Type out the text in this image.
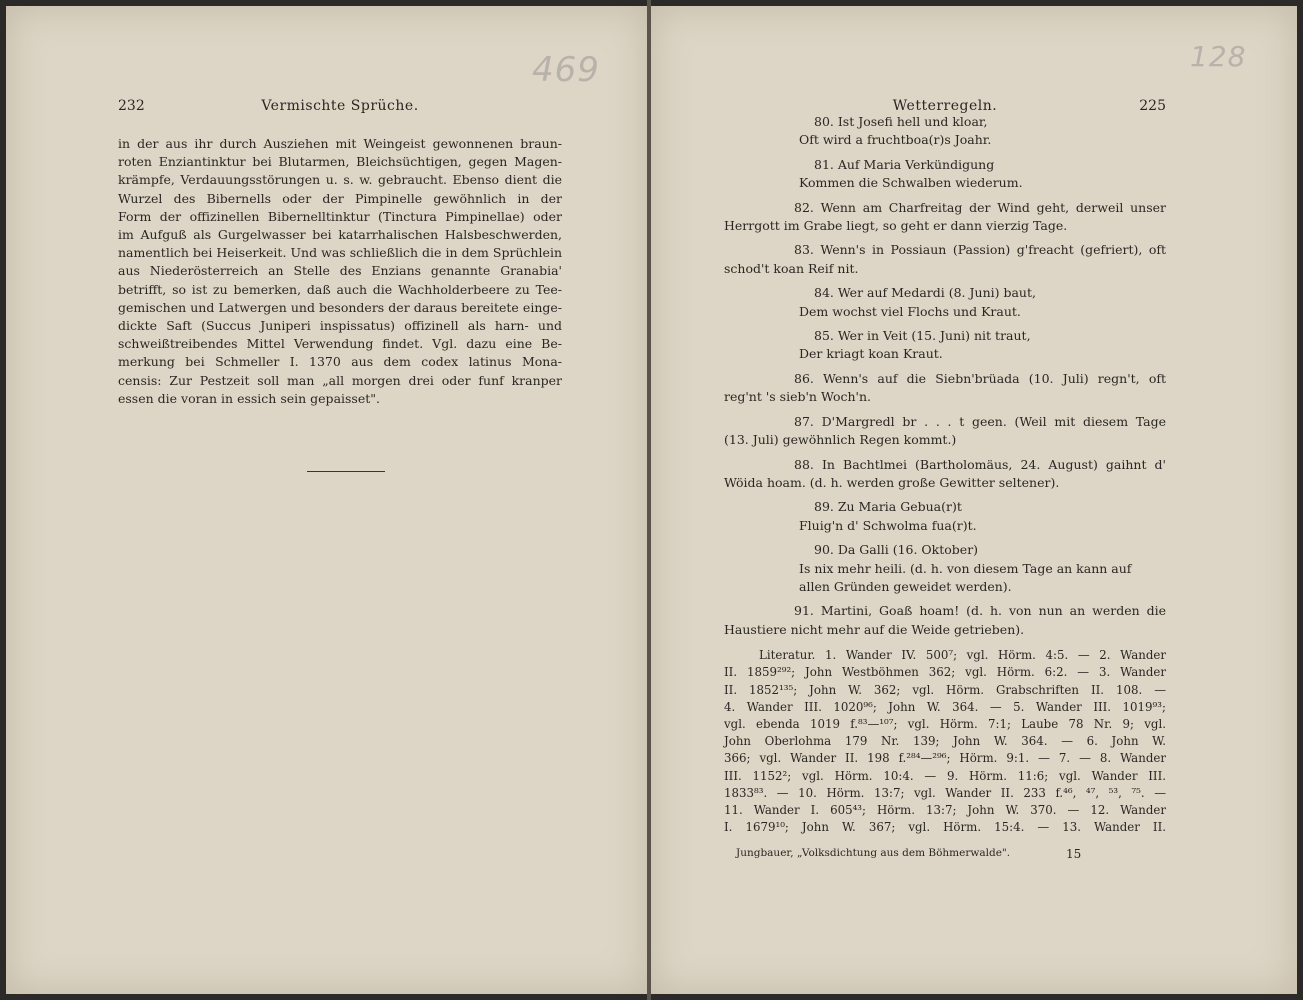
469	128
232	Vermischte Sprüche.
in der aus ihr durch Ausziehen mit Weingeist gewonnenen braun-
roten Enziantinktur bei Blutarmen, Bleichsüchtigen, gegen Magen-
krämpfe, Verdauungsstörungen u. s. w. gebraucht. Ebenso dient die
Wurzel des Bibernells oder der Pimpinelle gewöhnlich in der
Form der offizinellen Bibernelltinktur (Tinctura Pimpinellae) oder
im Aufguß als Gurgelwasser bei katarrhalischen Halsbeschwerden,
namentlich bei Heiserkeit. Und was schließlich die in dem Sprüchlein
aus Niederösterreich an Stelle des Enzians genannte Granabia'
betrifft, so ist zu bemerken, daß auch die Wachholderbeere zu Tee-
gemischen und Latwergen und besonders der daraus bereitete einge-
dickte Saft (Succus Juniperi inspissatus) offizinell als harn- und
schweißtreibendes Mittel Verwendung findet. Vgl. dazu eine Be-
merkung bei Schmeller I. 1370 aus dem codex latinus Mona-
censis: Zur Pestzeit soll man „all morgen drei oder funf kranper
essen die voran in essich sein gepaisset".
Wetterregeln.	225
80. Ist Josefi hell und kloar,
Oft wird a fruchtboa(r)s Joahr.
81. Auf Maria Verkündigung
Kommen die Schwalben wiederum.
82. Wenn am Charfreitag der Wind geht, derweil unser
Herrgott im Grabe liegt, so geht er dann vierzig Tage.
83. Wenn's in Possiaun (Passion) g'freacht (gefriert), oft
schod't koan Reif nit.
84. Wer auf Medardi (8. Juni) baut,
Dem wochst viel Flochs und Kraut.
85. Wer in Veit (15. Juni) nit traut,
Der kriagt koan Kraut.
86. Wenn's auf die Siebn'brüada (10. Juli) regn't, oft
reg'nt 's sieb'n Woch'n.
87. D'Margredl br . . . t geen. (Weil mit diesem Tage
(13. Juli) gewöhnlich Regen kommt.)
88. In Bachtlmei (Bartholomäus, 24. August) gaihnt d'
Wöida hoam. (d. h. werden große Gewitter seltener).
89. Zu Maria Gebua(r)t
Fluig'n d' Schwolma fua(r)t.
90. Da Galli (16. Oktober)
Is nix mehr heili. (d. h. von diesem Tage an kann auf
allen Gründen geweidet werden).
91. Martini, Goaß hoam! (d. h. von nun an werden die
Haustiere nicht mehr auf die Weide getrieben).
Literatur. 1. Wander IV. 500⁷; vgl. Hörm. 4:5. — 2. Wander
II. 1859²⁹²; John Westböhmen 362; vgl. Hörm. 6:2. — 3. Wander
II. 1852¹³⁵; John W. 362; vgl. Hörm. Grabschriften II. 108. —
4. Wander III. 1020⁹⁶; John W. 364. — 5. Wander III. 1019⁹³;
vgl. ebenda 1019 f.⁸³—¹⁰⁷; vgl. Hörm. 7:1; Laube 78 Nr. 9; vgl.
John Oberlohma 179 Nr. 139; John W. 364. — 6. John W.
366; vgl. Wander II. 198 f.²⁸⁴—²⁹⁶; Hörm. 9:1. — 7. — 8. Wander
III. 1152²; vgl. Hörm. 10:4. — 9. Hörm. 11:6; vgl. Wander III.
1833⁸³. — 10. Hörm. 13:7; vgl. Wander II. 233 f.⁴⁶, ⁴⁷, ⁵³, ⁷⁵. —
11. Wander I. 605⁴³; Hörm. 13:7; John W. 370. — 12. Wander
I. 1679¹⁰; John W. 367; vgl. Hörm. 15:4. — 13. Wander II.
Jungbauer, „Volksdichtung aus dem Böhmerwalde".	15
